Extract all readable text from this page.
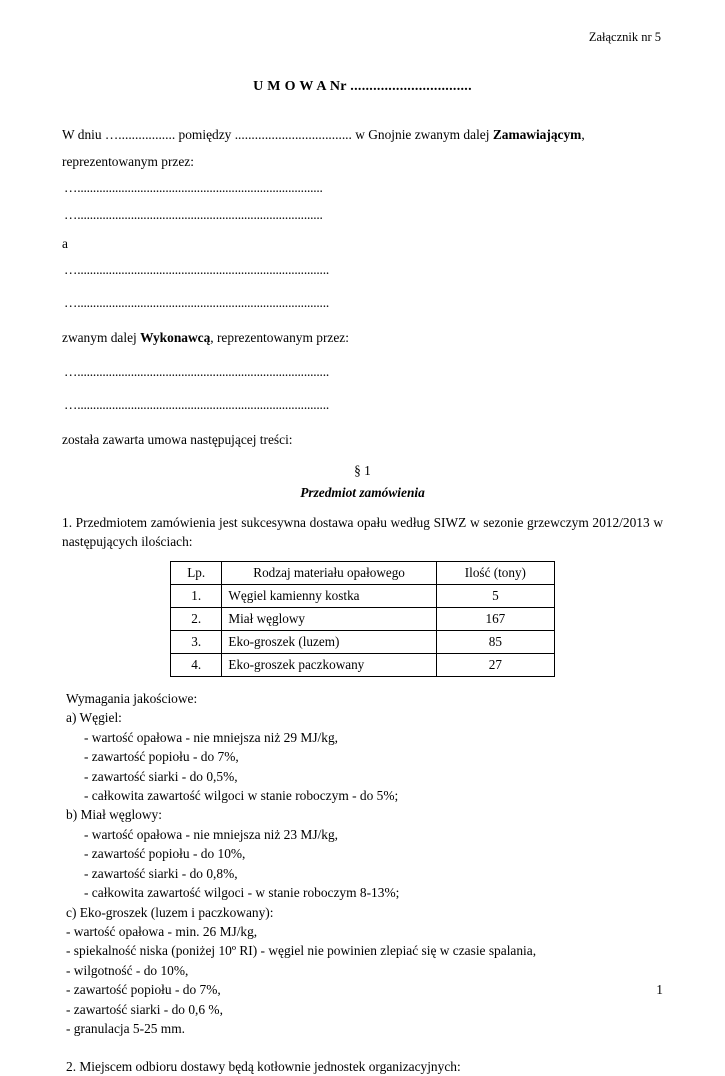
Załącznik nr 5
U M O W A Nr ................................

W dniu …................. pomiędzy ................................... w Gnojnie zwanym dalej Zamawiającym,

reprezentowanym przez:

…..............................................................................
…..............................................................................

a

…................................................................................
…................................................................................

zwanym dalej Wykonawcą, reprezentowanym przez:

…................................................................................
…................................................................................

została zawarta umowa następującej treści:

§ 1
Przedmiot zamówienia

1. Przedmiotem zamówienia jest sukcesywna dostawa opału według SIWZ w sezonie grzewczym 2012/2013 w następujących ilościach:

Lp.	Rodzaj materiału opałowego	Ilość (tony)
1.	Węgiel kamienny kostka	5
2.	Miał węglowy	167
3.	Eko-groszek (luzem)	85
4.	Eko-groszek paczkowany	27
Wymagania jakościowe:
a) Węgiel:
- wartość opałowa - nie mniejsza niż 29 MJ/kg,
- zawartość popiołu - do 7%,
- zawartość siarki - do 0,5%,
- całkowita zawartość wilgoci w stanie roboczym - do 5%;
b) Miał węglowy:
- wartość opałowa - nie mniejsza niż 23 MJ/kg,
- zawartość popiołu - do 10%,
- zawartość siarki - do 0,8%,
- całkowita zawartość wilgoci - w stanie roboczym 8-13%;
c) Eko-groszek (luzem i paczkowany):
- wartość opałowa - min. 26 MJ/kg,
- spiekalność niska (poniżej 10º RI) - węgiel nie powinien zlepiać się w czasie spalania,
- wilgotność - do 10%,
- zawartość popiołu - do 7%,
- zawartość siarki - do 0,6 %,
- granulacja 5-25 mm.

2. Miejscem odbioru dostawy będą kotłownie jednostek organizacyjnych:

1
